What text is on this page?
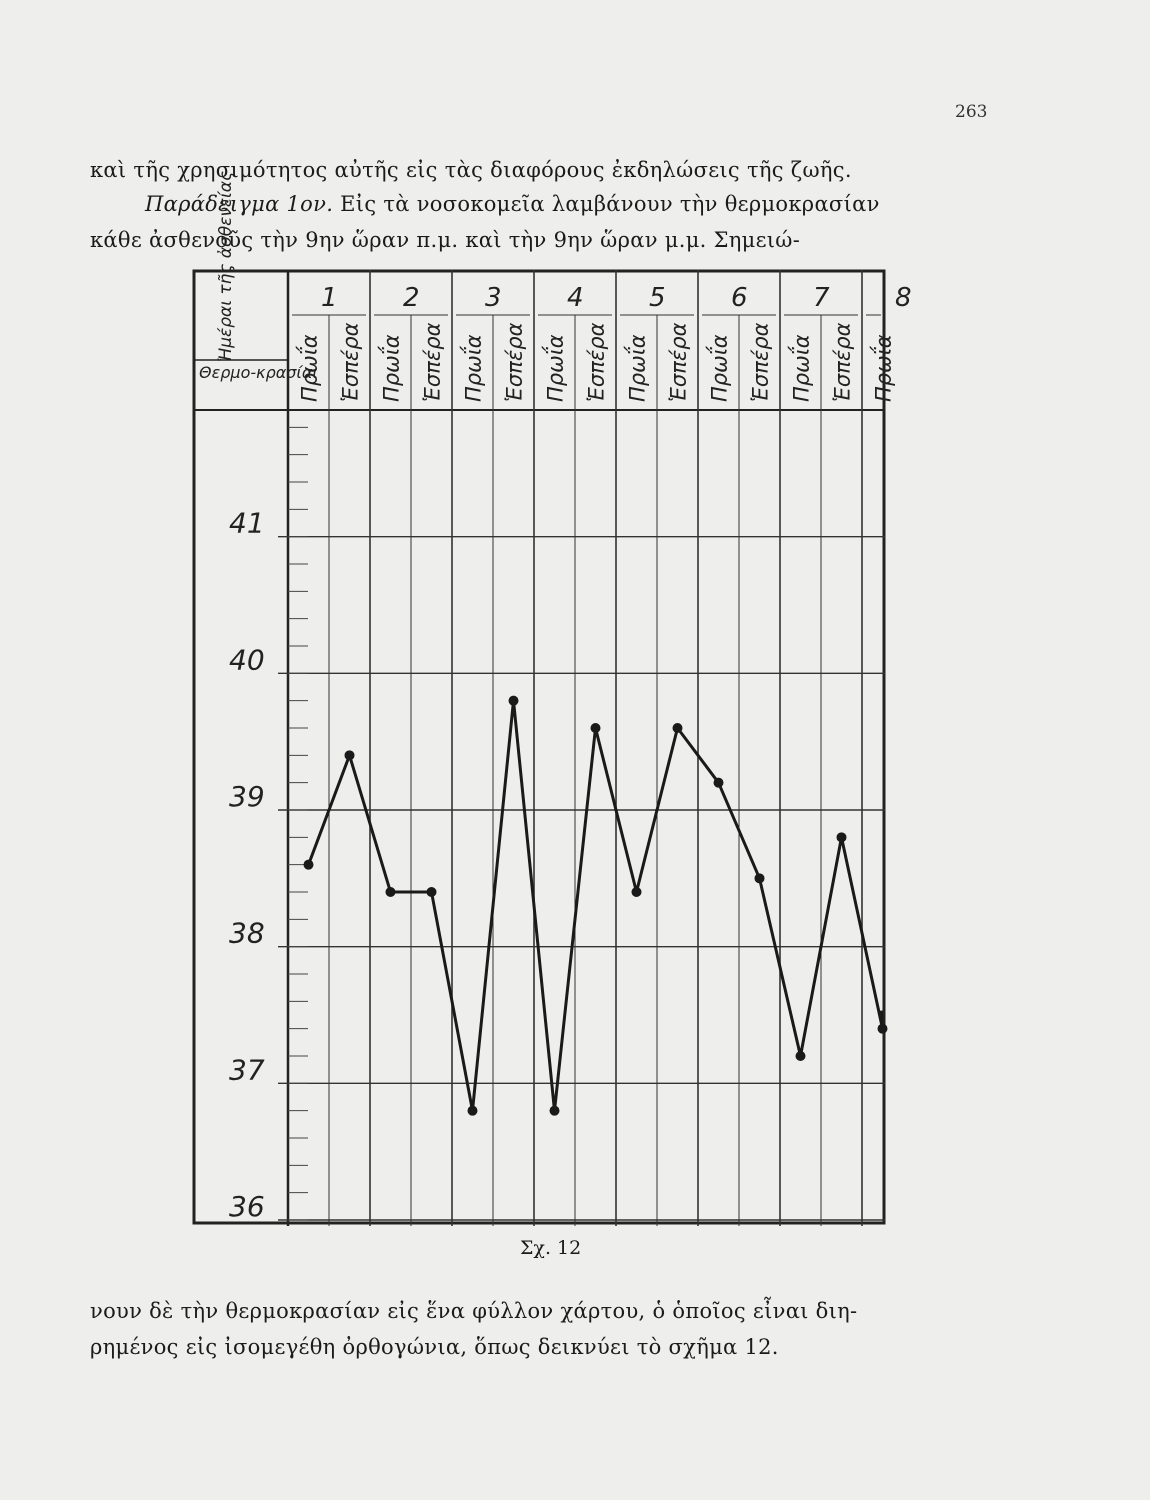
263
καὶ τῆς χρησιμότητος αὐτῆς εἰς τὰς διαφόρους ἐκδηλώσεις τῆς ζωῆς.
Παράδειγμα 1ον. Εἰς τὰ νοσοκομεῖα λαμβάνουν τὴν θερμοκρασίαν
κάθε ἀσθενοῦς τὴν 9ην ὥραν π.μ. καὶ τὴν 9ην ὥραν μ.μ. Σημειώ-
36
37
38
39
40
41
Ἡμέραι τῆς ἀσθενείας
Θερμο-κρασίαι
1	2	3	4	5	6	7	8
Πρωΐα Ἑσπέρα Πρωΐα Ἑσπέρα Πρωΐα Ἑσπέρα Πρωΐα Ἑσπέρα Πρωΐα Ἑσπέρα Πρωΐα Ἑσπέρα Πρωΐα Ἑσπέρα Πρωΐα
Σχ. 12
νουν δὲ τὴν θερμοκρασίαν εἰς ἕνα φύλλον χάρτου, ὁ ὁποῖος εἶναι διη-
ρημένος εἰς ἰσομεγέθη ὀρθογώνια, ὅπως δεικνύει τὸ σχῆμα 12.
